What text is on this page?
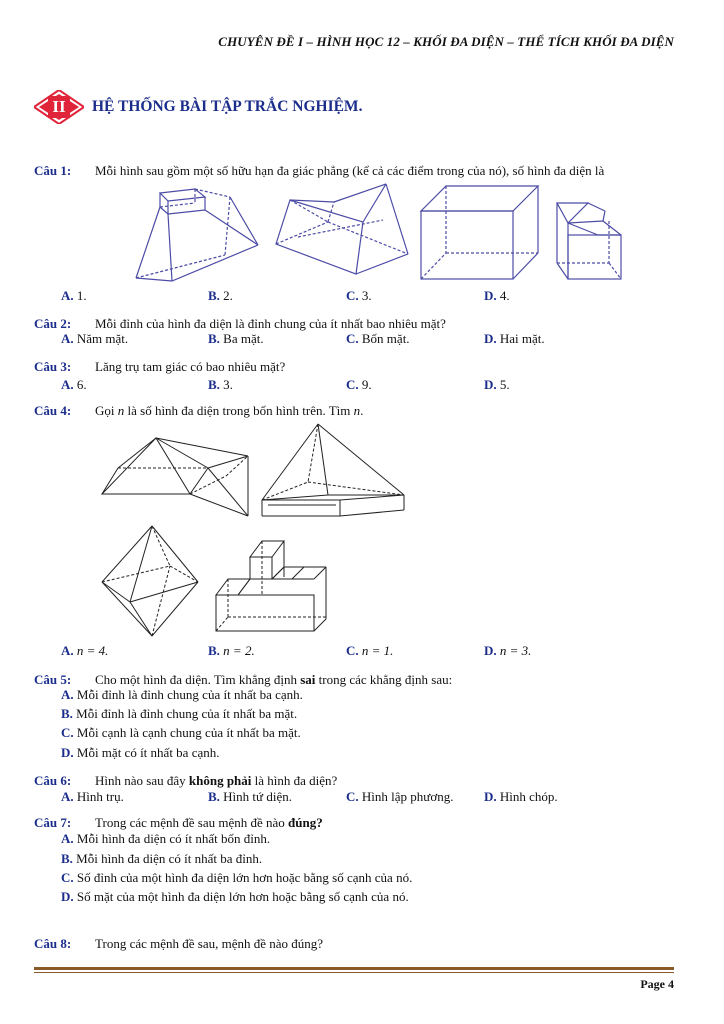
CHUYÊN ĐỀ I – HÌNH HỌC 12 – KHỐI ĐA DIỆN – THỂ TÍCH KHỐI ĐA DIỆN
II	HỆ THỐNG BÀI TẬP TRẮC NGHIỆM.
Câu 1: Mỗi hình sau gồm một số hữu hạn đa giác phẳng (kể cả các điểm trong của nó), số hình đa diện là
A. 1.	B. 2.	C. 3.	D. 4.
Câu 2: Mỗi đỉnh của hình đa diện là đỉnh chung của ít nhất bao nhiêu mặt?
A. Năm mặt.	B. Ba mặt.	C. Bốn mặt.	D. Hai mặt.
Câu 3: Lăng trụ tam giác có bao nhiêu mặt?
A. 6.	B. 3.	C. 9.	D. 5.
Câu 4: Gọi n là số hình đa diện trong bốn hình trên. Tìm n.
A. n = 4.	B. n = 2.	C. n = 1.	D. n = 3.
Câu 5: Cho một hình đa diện. Tìm khẳng định sai trong các khẳng định sau:
A. Mỗi đỉnh là đỉnh chung của ít nhất ba cạnh.
B. Mỗi đỉnh là đỉnh chung của ít nhất ba mặt.
C. Mỗi cạnh là cạnh chung của ít nhất ba mặt.
D. Mỗi mặt có ít nhất ba cạnh.
Câu 6: Hình nào sau đây không phải là hình đa diện?
A. Hình trụ.	B. Hình tứ diện.	C. Hình lập phương. D. Hình chóp.
Câu 7: Trong các mệnh đề sau mệnh đề nào đúng?
A. Mỗi hình đa diện có ít nhất bốn đỉnh.
B. Mỗi hình đa diện có ít nhất ba đỉnh.
C. Số đỉnh của một hình đa diện lớn hơn hoặc bằng số cạnh của nó.
D. Số mặt của một hình đa diện lớn hơn hoặc bằng số cạnh của nó.
Câu 8: Trong các mệnh đề sau, mệnh đề nào đúng?
Page 4
